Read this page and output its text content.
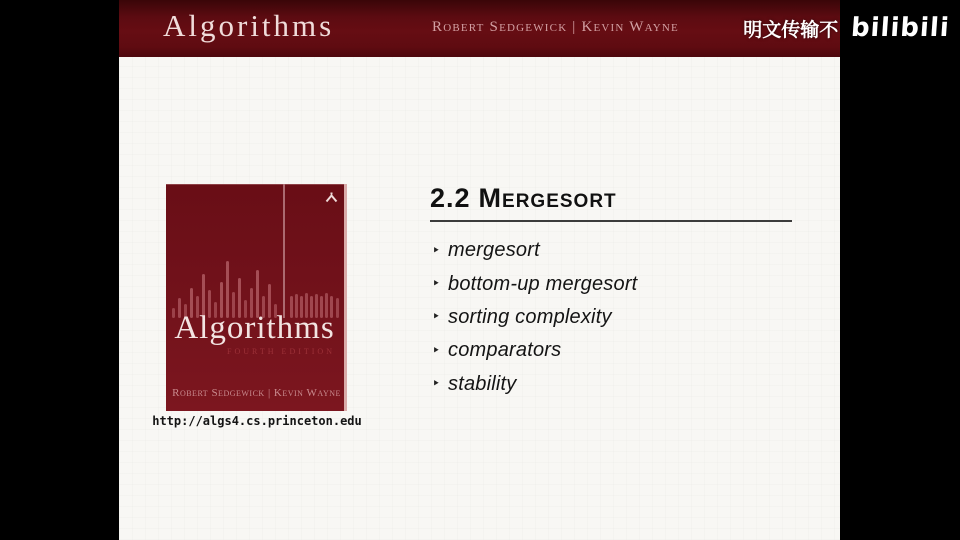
Algorithms	Robert Sedgewick | Kevin Wayne	明文传输不 bilibili
Algorithms
FOURTH EDITION
Robert Sedgewick | Kevin Wayne
http://algs4.cs.princeton.edu
2.2 Mergesort
‣ mergesort
‣ bottom-up mergesort
‣ sorting complexity
‣ comparators
‣ stability
